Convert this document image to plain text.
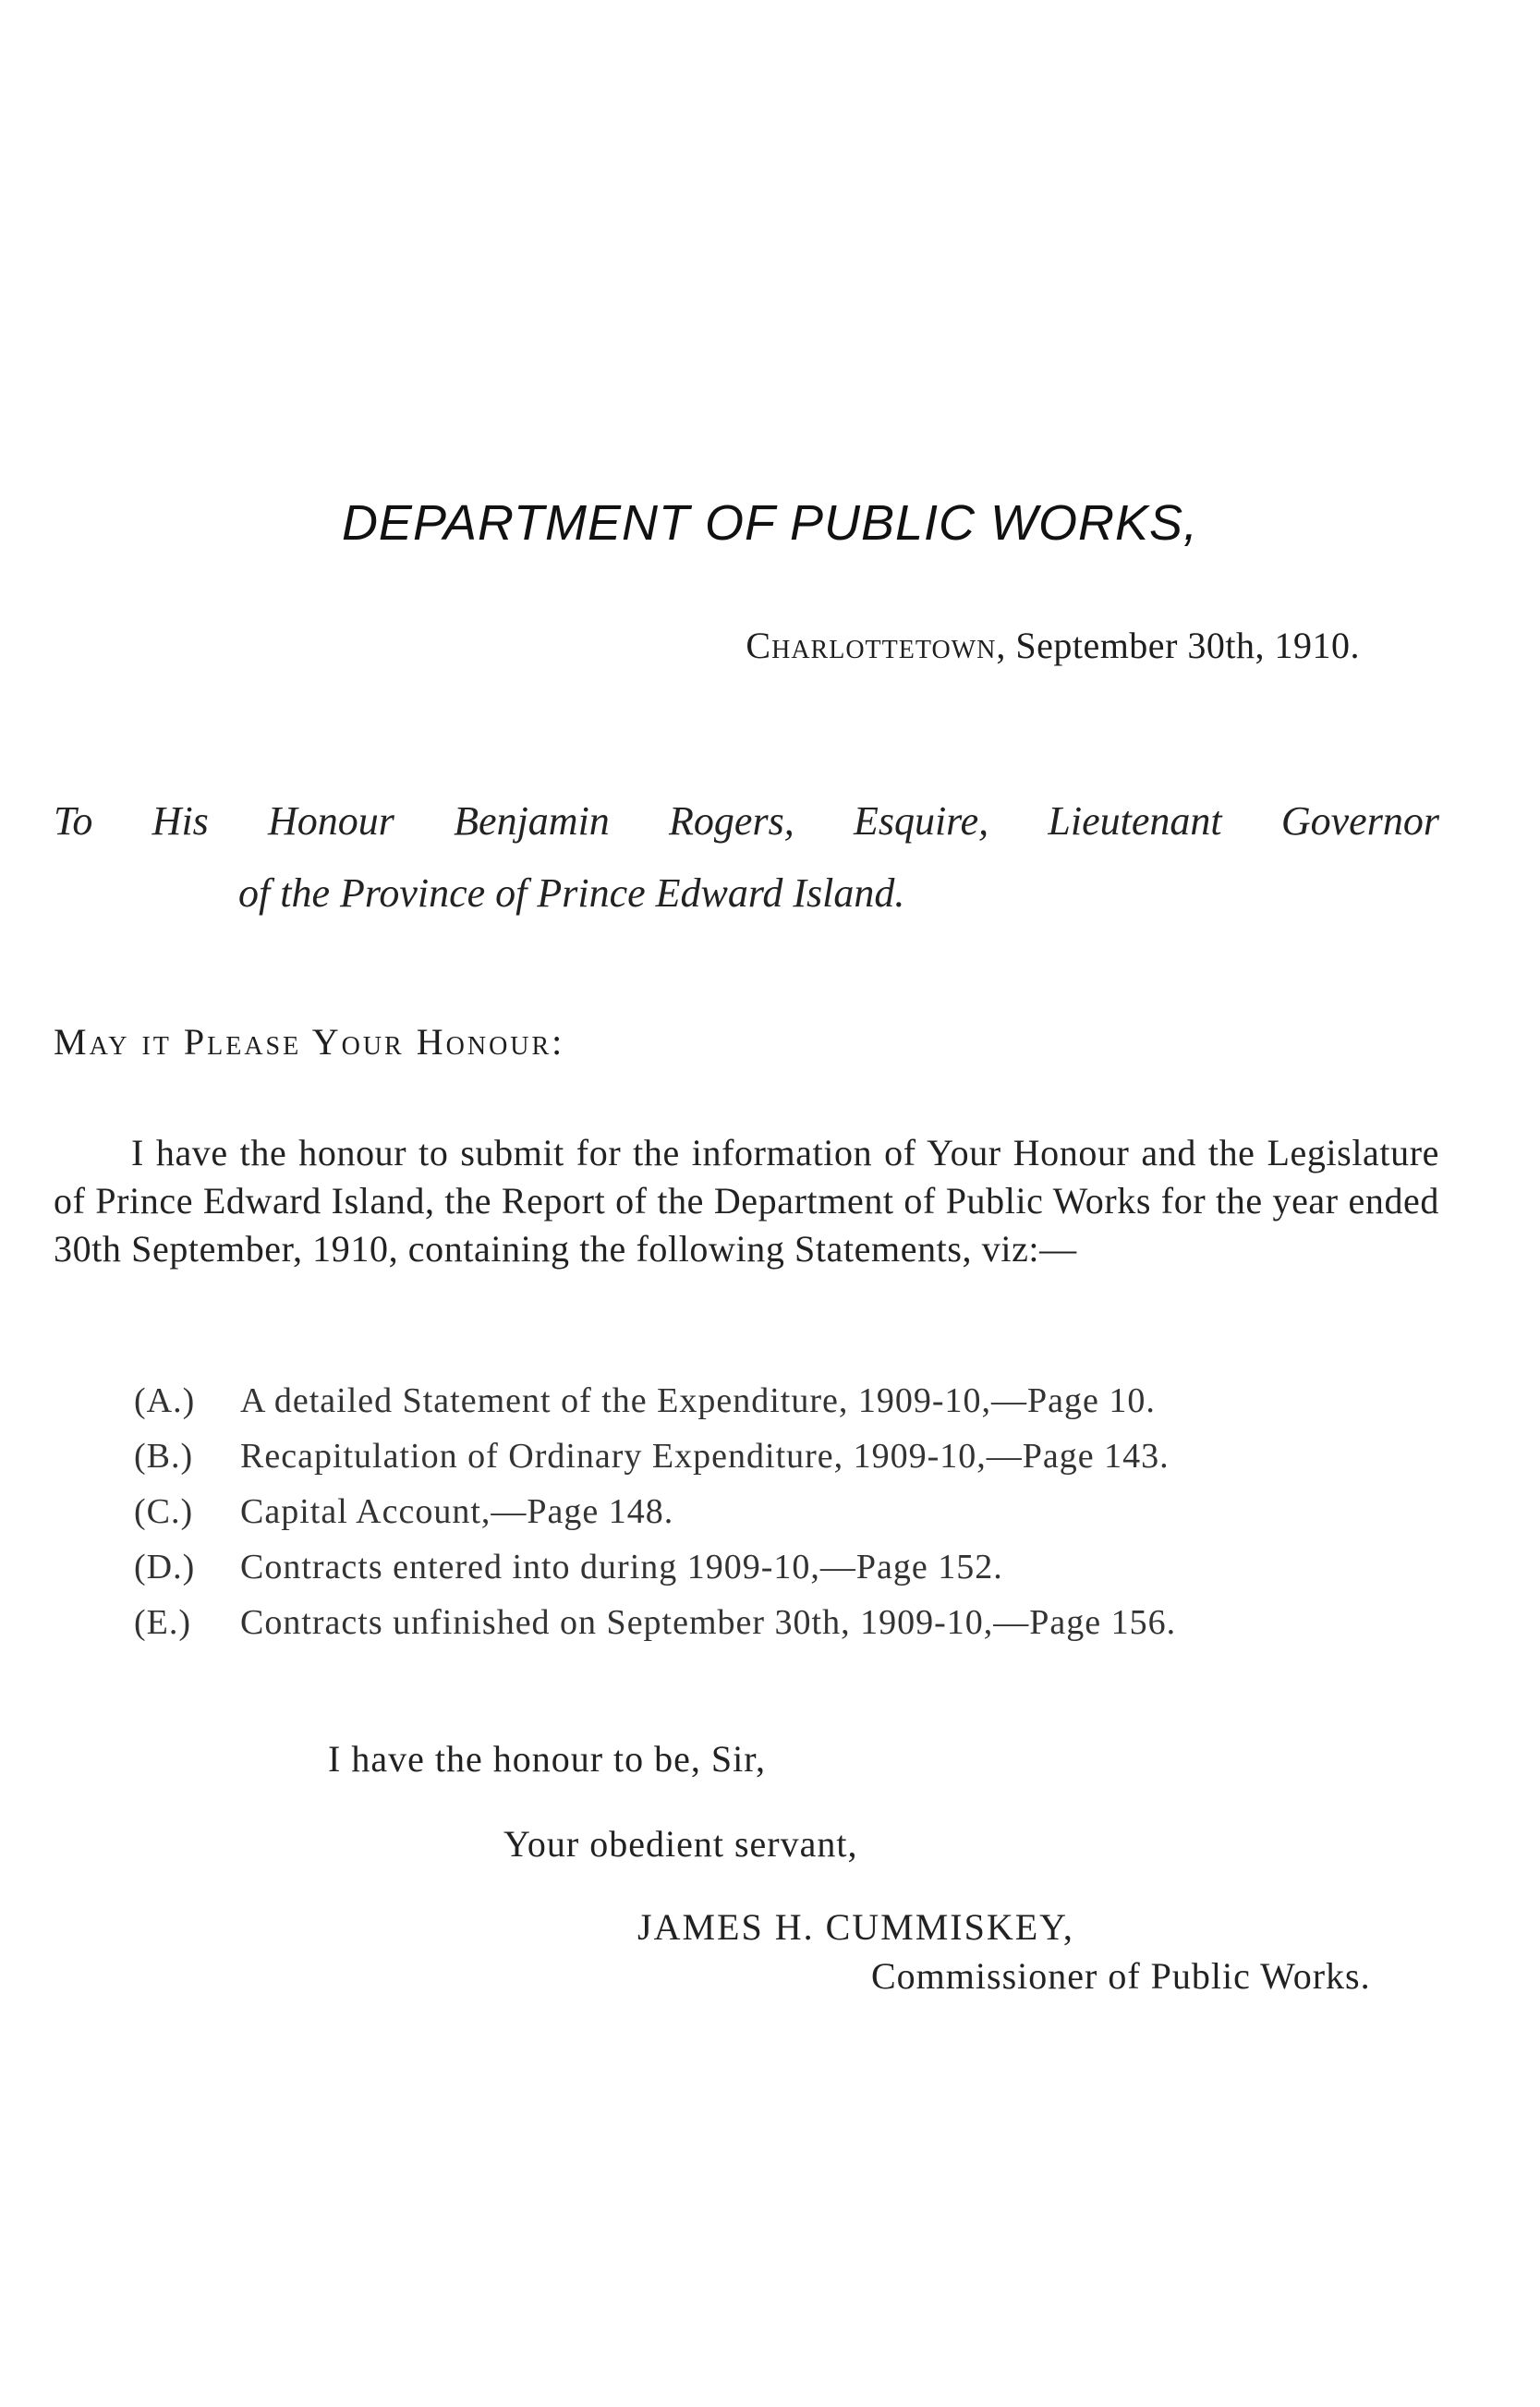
DEPARTMENT OF PUBLIC WORKS,
Charlottetown, September 30th, 1910.
To His Honour Benjamin Rogers, Esquire, Lieutenant Governor
of the Province of Prince Edward Island.
May it Please Your Honour:
I have the honour to submit for the information of Your Honour and the Legislature of Prince Edward Island, the Report of the Department of Public Works for the year ended 30th September, 1910, containing the following Statements, viz:—
(A.)	A detailed Statement of the Expenditure, 1909-10,—Page 10.
(B.)	Recapitulation of Ordinary Expenditure, 1909-10,—Page 143.
(C.)	Capital Account,—Page 148.
(D.)	Contracts entered into during 1909-10,—Page 152.
(E.)	Contracts unfinished on September 30th, 1909-10,—Page 156.
I have the honour to be, Sir,
Your obedient servant,
JAMES H. CUMMISKEY,
Commissioner of Public Works.
